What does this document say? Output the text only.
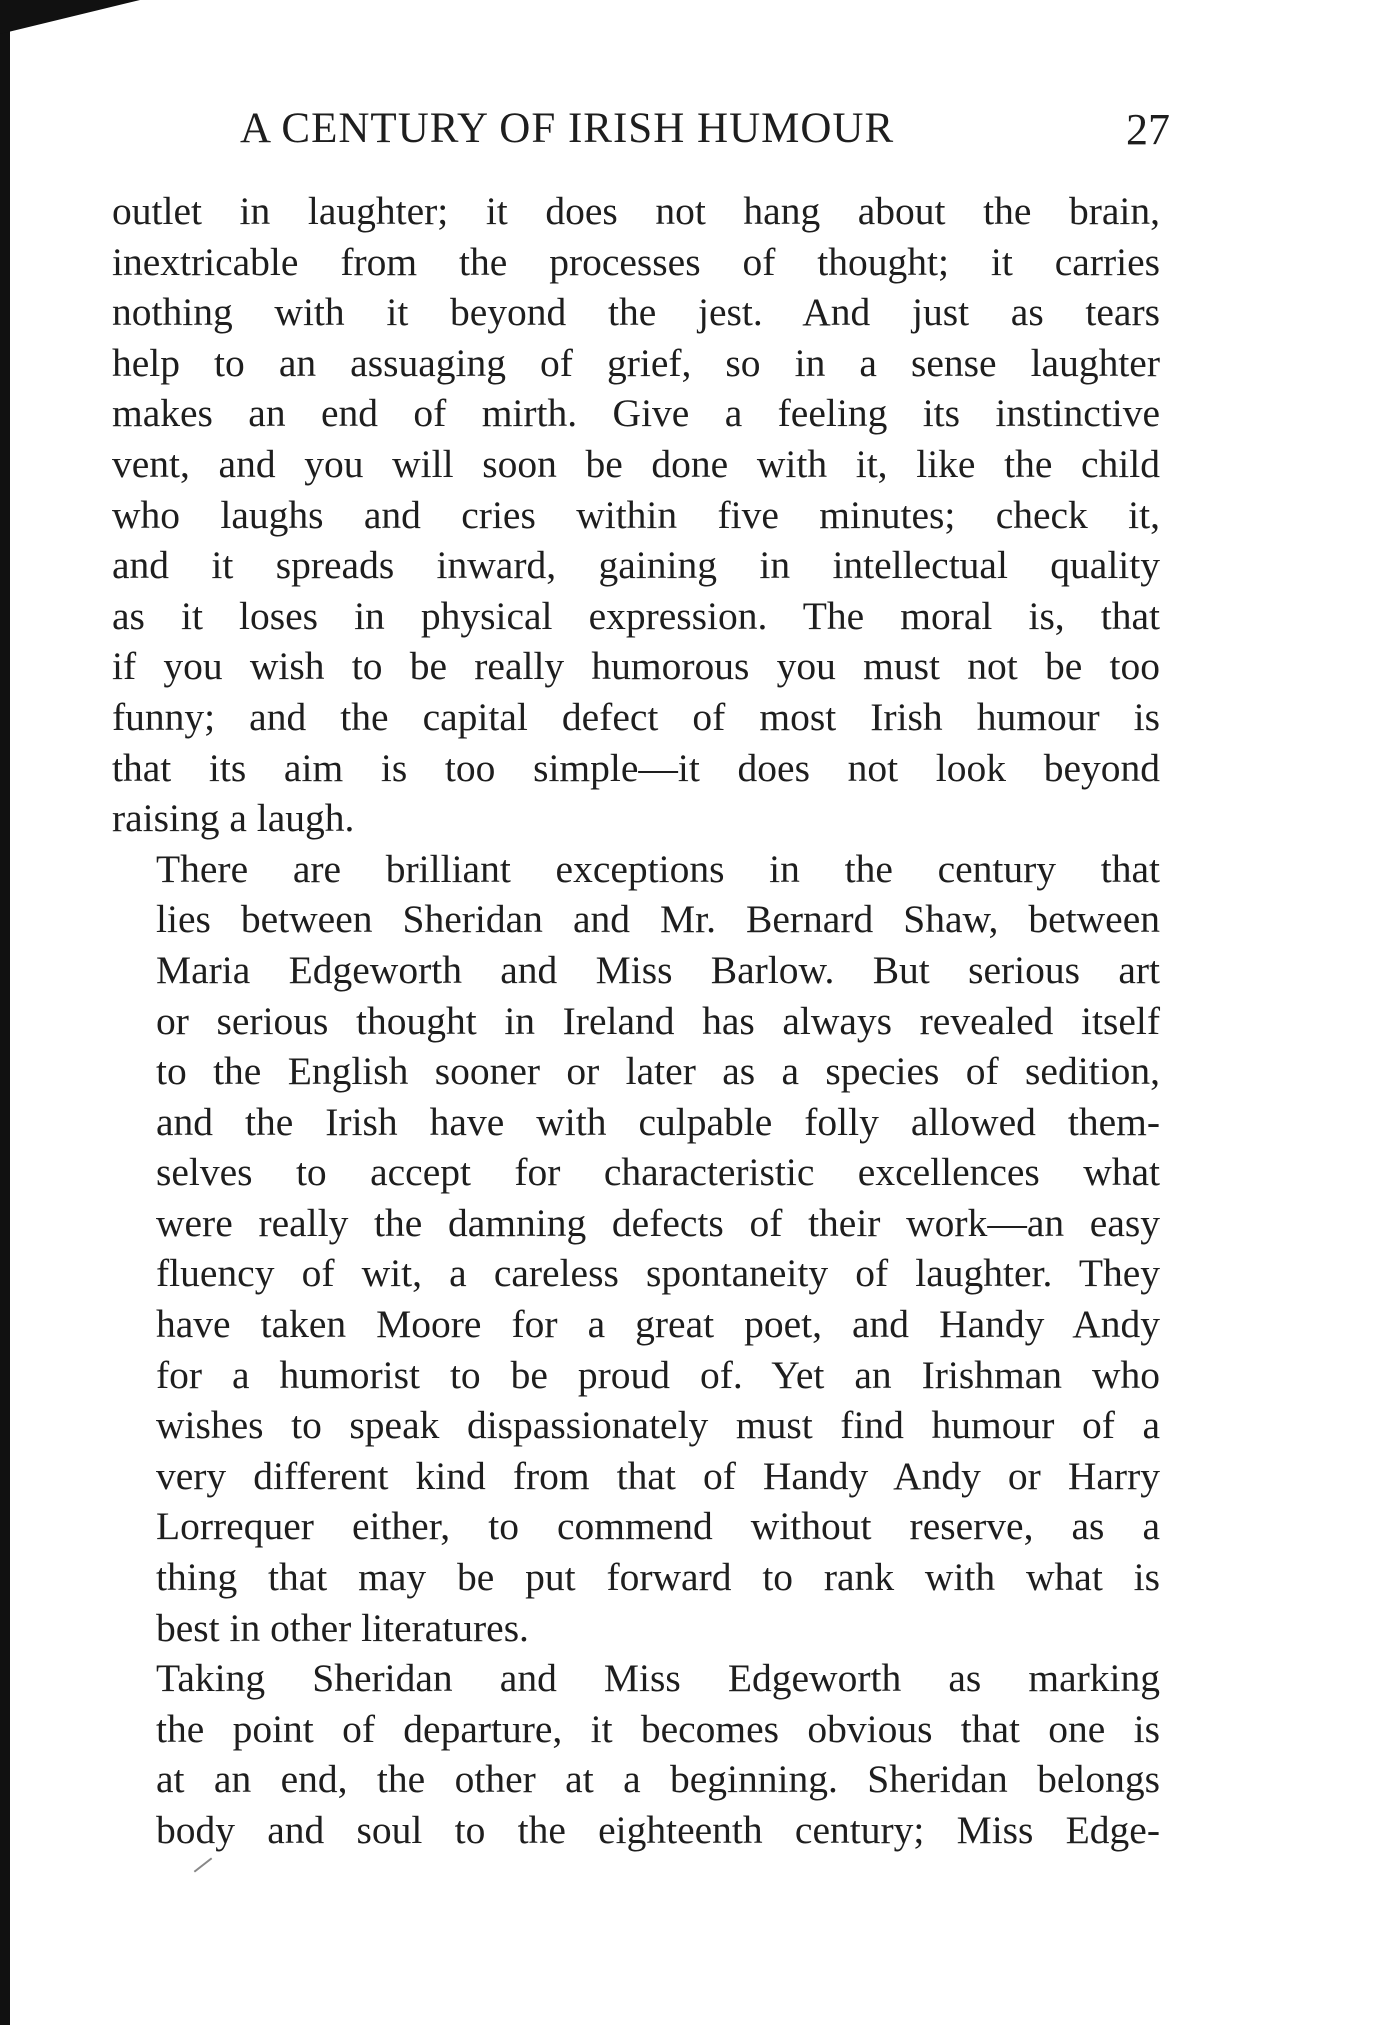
A CENTURY OF IRISH HUMOUR	27

outlet in laughter; it does not hang about the brain,
inextricable from the processes of thought; it carries
nothing with it beyond the jest. And just as tears
help to an assuaging of grief, so in a sense laughter
makes an end of mirth. Give a feeling its instinctive
vent, and you will soon be done with it, like the child
who laughs and cries within five minutes; check it,
and it spreads inward, gaining in intellectual quality
as it loses in physical expression. The moral is, that
if you wish to be really humorous you must not be too
funny; and the capital defect of most Irish humour is
that its aim is too simple—it does not look beyond
raising a laugh.

There are brilliant exceptions in the century that
lies between Sheridan and Mr. Bernard Shaw, between
Maria Edgeworth and Miss Barlow. But serious art
or serious thought in Ireland has always revealed itself
to the English sooner or later as a species of sedition,
and the Irish have with culpable folly allowed them-
selves to accept for characteristic excellences what
were really the damning defects of their work—an easy
fluency of wit, a careless spontaneity of laughter. They
have taken Moore for a great poet, and Handy Andy
for a humorist to be proud of. Yet an Irishman who
wishes to speak dispassionately must find humour of a
very different kind from that of Handy Andy or Harry
Lorrequer either, to commend without reserve, as a
thing that may be put forward to rank with what is
best in other literatures.

Taking Sheridan and Miss Edgeworth as marking
the point of departure, it becomes obvious that one is
at an end, the other at a beginning. Sheridan belongs
body and soul to the eighteenth century; Miss Edge-
